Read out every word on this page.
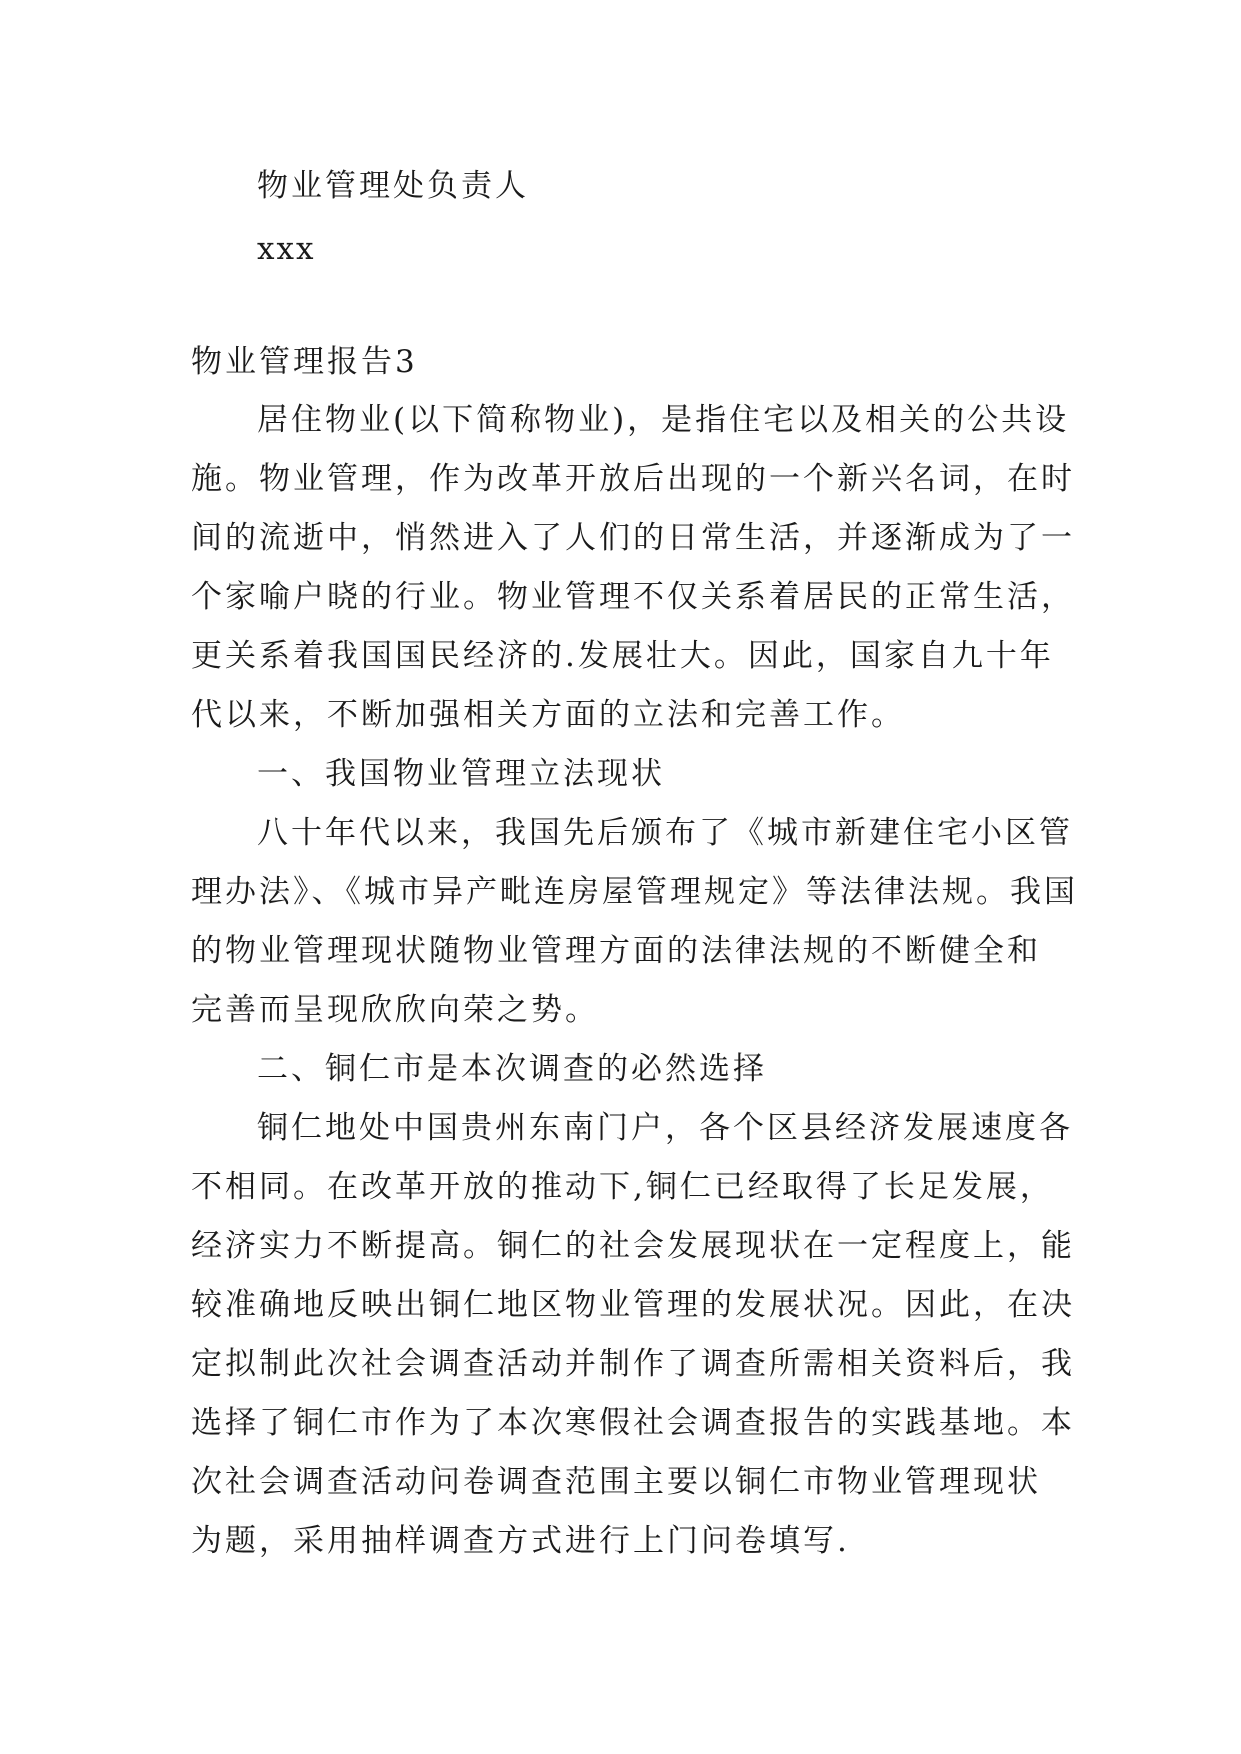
物业管理处负责人
xxx
物业管理报告3
居住物业(以下简称物业)，是指住宅以及相关的公共设
施。物业管理，作为改革开放后出现的一个新兴名词，在时
间的流逝中，悄然进入了人们的日常生活，并逐渐成为了一
个家喻户晓的行业。物业管理不仅关系着居民的正常生活，
更关系着我国国民经济的.发展壮大。因此，国家自九十年
代以来，不断加强相关方面的立法和完善工作。
一、我国物业管理立法现状
八十年代以来，我国先后颁布了《城市新建住宅小区管
理办法》、《城市异产毗连房屋管理规定》等法律法规。我国
的物业管理现状随物业管理方面的法律法规的不断健全和
完善而呈现欣欣向荣之势。
二、铜仁市是本次调查的必然选择
铜仁地处中国贵州东南门户，各个区县经济发展速度各
不相同。在改革开放的推动下,铜仁已经取得了长足发展，
经济实力不断提高。铜仁的社会发展现状在一定程度上，能
较准确地反映出铜仁地区物业管理的发展状况。因此，在决
定拟制此次社会调查活动并制作了调查所需相关资料后，我
选择了铜仁市作为了本次寒假社会调查报告的实践基地。本
次社会调查活动问卷调查范围主要以铜仁市物业管理现状
为题，采用抽样调查方式进行上门问卷填写.
